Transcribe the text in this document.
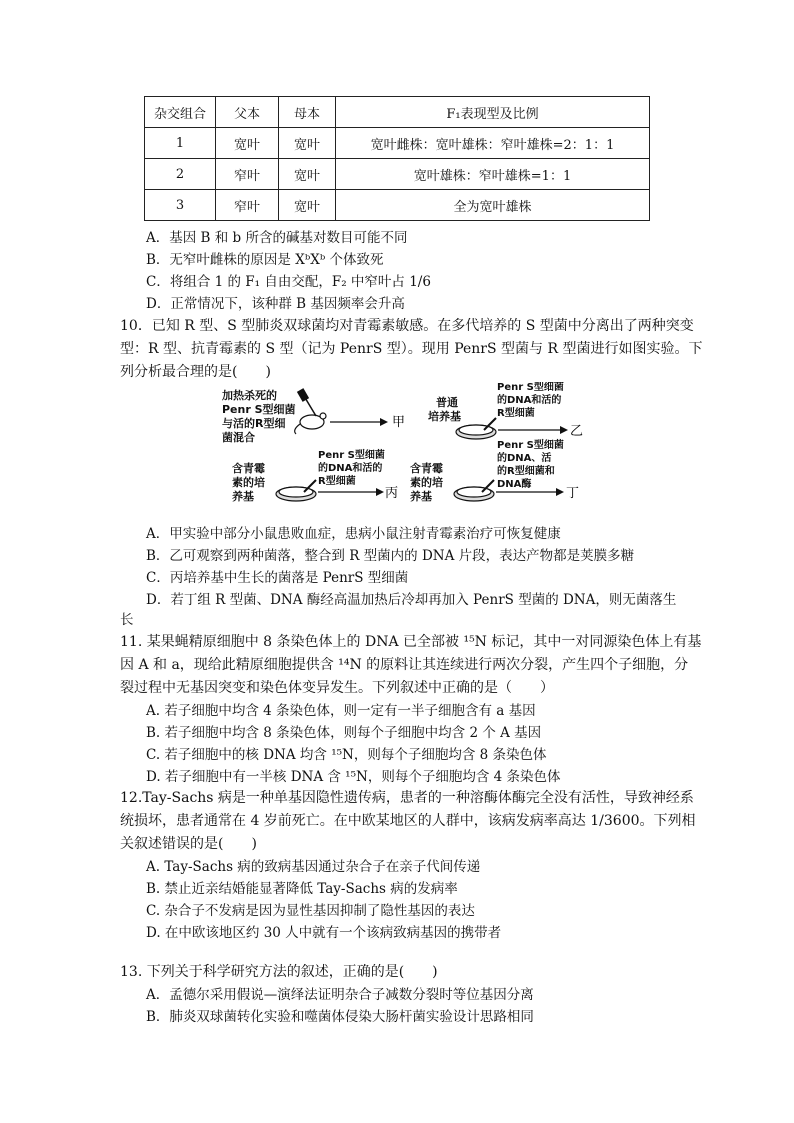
杂交组合	父本	母本	F₁表现型及比例
1	宽叶	宽叶	宽叶雌株：宽叶雄株：窄叶雄株=2：1：1
2	窄叶	宽叶	宽叶雄株：窄叶雄株=1：1
3	窄叶	宽叶	全为宽叶雄株
A．基因 B 和 b 所含的碱基对数目可能不同
B．无窄叶雌株的原因是 XᵇXᵇ 个体致死
C．将组合 1 的 F₁ 自由交配，F₂ 中窄叶占 1/6
D．正常情况下，该种群 B 基因频率会升高
10．已知 R 型、S 型肺炎双球菌均对青霉素敏感。在多代培养的 S 型菌中分离出了两种突变
型：R 型、抗青霉素的 S 型（记为 PenrS 型）。现用 PenrS 型菌与 R 型菌进行如图实验。下
列分析最合理的是(　　)
加热杀死的
Penr S型细菌
与活的R型细
菌混合
甲
普通
培养基
Penr S型细菌
的DNA和活的
R型细菌
乙
含青霉
素的培
养基
Penr S型细菌
的DNA和活的
R型细菌
丙
含青霉
素的培
养基
Penr S型细菌
的DNA、活
的R型细菌和
DNA酶
丁
A．甲实验中部分小鼠患败血症，患病小鼠注射青霉素治疗可恢复健康
B．乙可观察到两种菌落，整合到 R 型菌内的 DNA 片段，表达产物都是荚膜多糖
C．丙培养基中生长的菌落是 PenrS 型细菌
D．若丁组 R 型菌、DNA 酶经高温加热后冷却再加入 PenrS 型菌的 DNA，则无菌落生
长
11. 某果蝇精原细胞中 8 条染色体上的 DNA 已全部被 ¹⁵N 标记，其中一对同源染色体上有基
因 A 和 a，现给此精原细胞提供含 ¹⁴N 的原料让其连续进行两次分裂，产生四个子细胞，分
裂过程中无基因突变和染色体变异发生。下列叙述中正确的是（　　）
A. 若子细胞中均含 4 条染色体，则一定有一半子细胞含有 a 基因
B. 若子细胞中均含 8 条染色体，则每个子细胞中均含 2 个 A 基因
C. 若子细胞中的核 DNA 均含 ¹⁵N，则每个子细胞均含 8 条染色体
D. 若子细胞中有一半核 DNA 含 ¹⁵N，则每个子细胞均含 4 条染色体
12.Tay-Sachs 病是一种单基因隐性遗传病，患者的一种溶酶体酶完全没有活性，导致神经系
统损坏，患者通常在 4 岁前死亡。在中欧某地区的人群中，该病发病率高达 1/3600。下列相
关叙述错误的是(　　)
A. Tay-Sachs 病的致病基因通过杂合子在亲子代间传递
B. 禁止近亲结婚能显著降低 Tay-Sachs 病的发病率
C. 杂合子不发病是因为显性基因抑制了隐性基因的表达
D. 在中欧该地区约 30 人中就有一个该病致病基因的携带者
13. 下列关于科学研究方法的叙述，正确的是(　　)
A．孟德尔采用假说—演绎法证明杂合子减数分裂时等位基因分离
B．肺炎双球菌转化实验和噬菌体侵染大肠杆菌实验设计思路相同
